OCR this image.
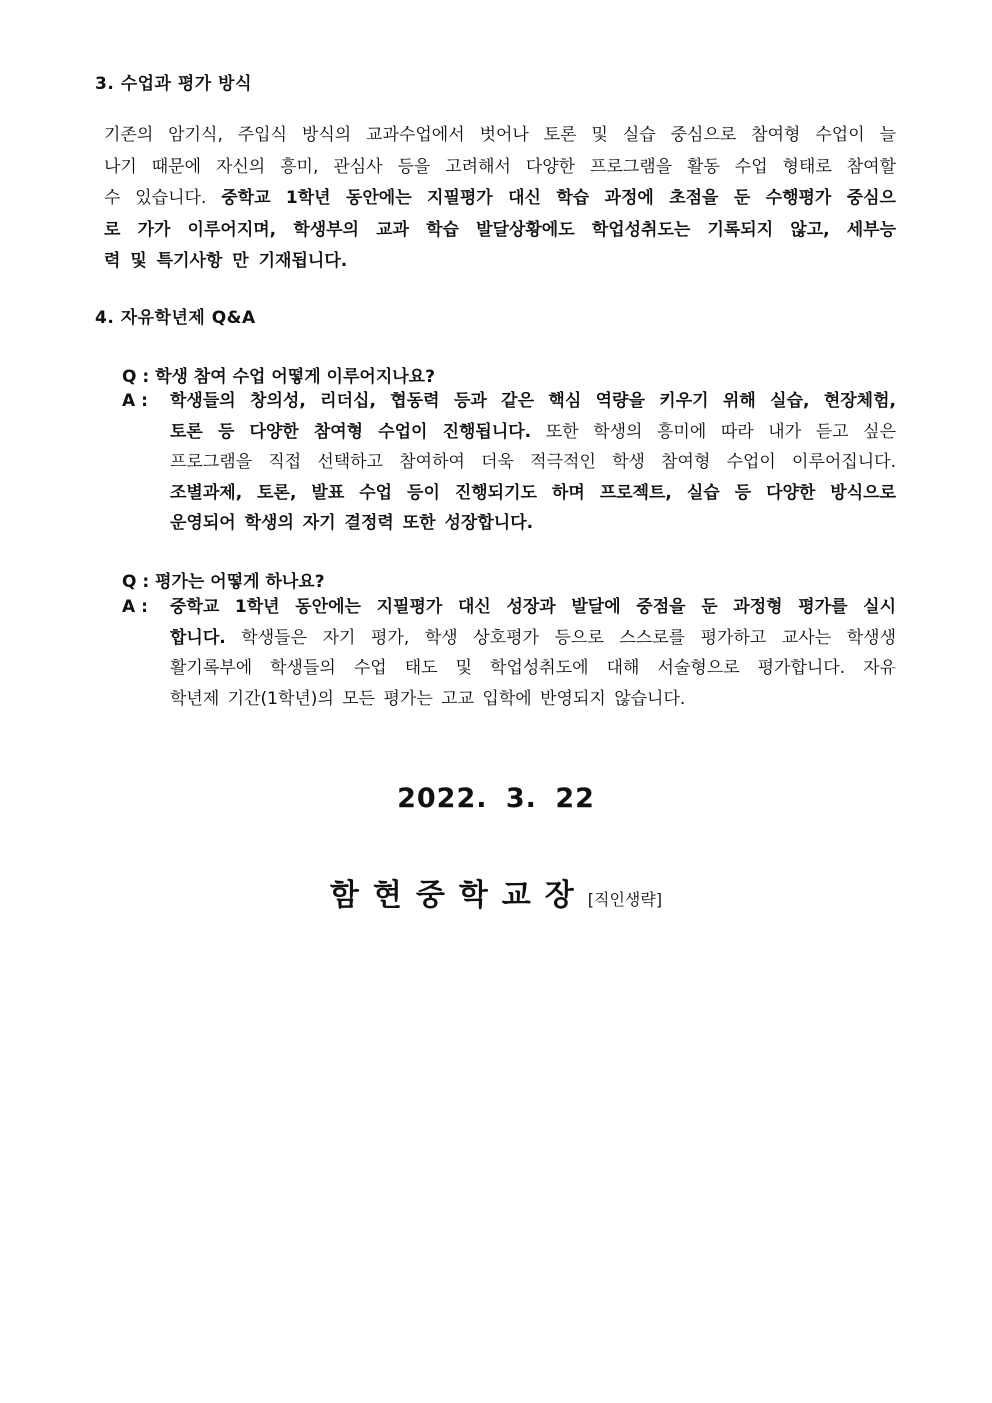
3. 수업과 평가 방식
기존의 암기식, 주입식 방식의 교과수업에서 벗어나 토론 및 실습 중심으로 참여형 수업이 늘
나기 때문에 자신의 흥미, 관심사 등을 고려해서 다양한 프로그램을 활동 수업 형태로 참여할
수 있습니다. 중학교 1학년 동안에는 지필평가 대신 학습 과정에 초점을 둔 수행평가 중심으
로 가가 이루어지며, 학생부의 교과 학습 발달상황에도 학업성취도는 기록되지 않고, 세부능
력 및 특기사항 만 기재됩니다.
4. 자유학년제 Q&A
Q : 학생 참여 수업 어떻게 이루어지나요?
A : 학생들의 창의성, 리더십, 협동력 등과 같은 핵심 역량을 키우기 위해 실습, 현장체험,
토론 등 다양한 참여형 수업이 진행됩니다. 또한 학생의 흥미에 따라 내가 듣고 싶은
프로그램을 직접 선택하고 참여하여 더욱 적극적인 학생 참여형 수업이 이루어집니다.
조별과제, 토론, 발표 수업 등이 진행되기도 하며 프로젝트, 실습 등 다양한 방식으로
운영되어 학생의 자기 결정력 또한 성장합니다.
Q : 평가는 어떻게 하나요?
A : 중학교 1학년 동안에는 지필평가 대신 성장과 발달에 중점을 둔 과정형 평가를 실시
합니다. 학생들은 자기 평가, 학생 상호평가 등으로 스스로를 평가하고 교사는 학생생
활기록부에 학생들의 수업 태도 및 학업성취도에 대해 서술형으로 평가합니다. 자유
학년제 기간(1학년)의 모든 평가는 고교 입학에 반영되지 않습니다.
2022. 3. 22
함현중학교장[직인생략]
